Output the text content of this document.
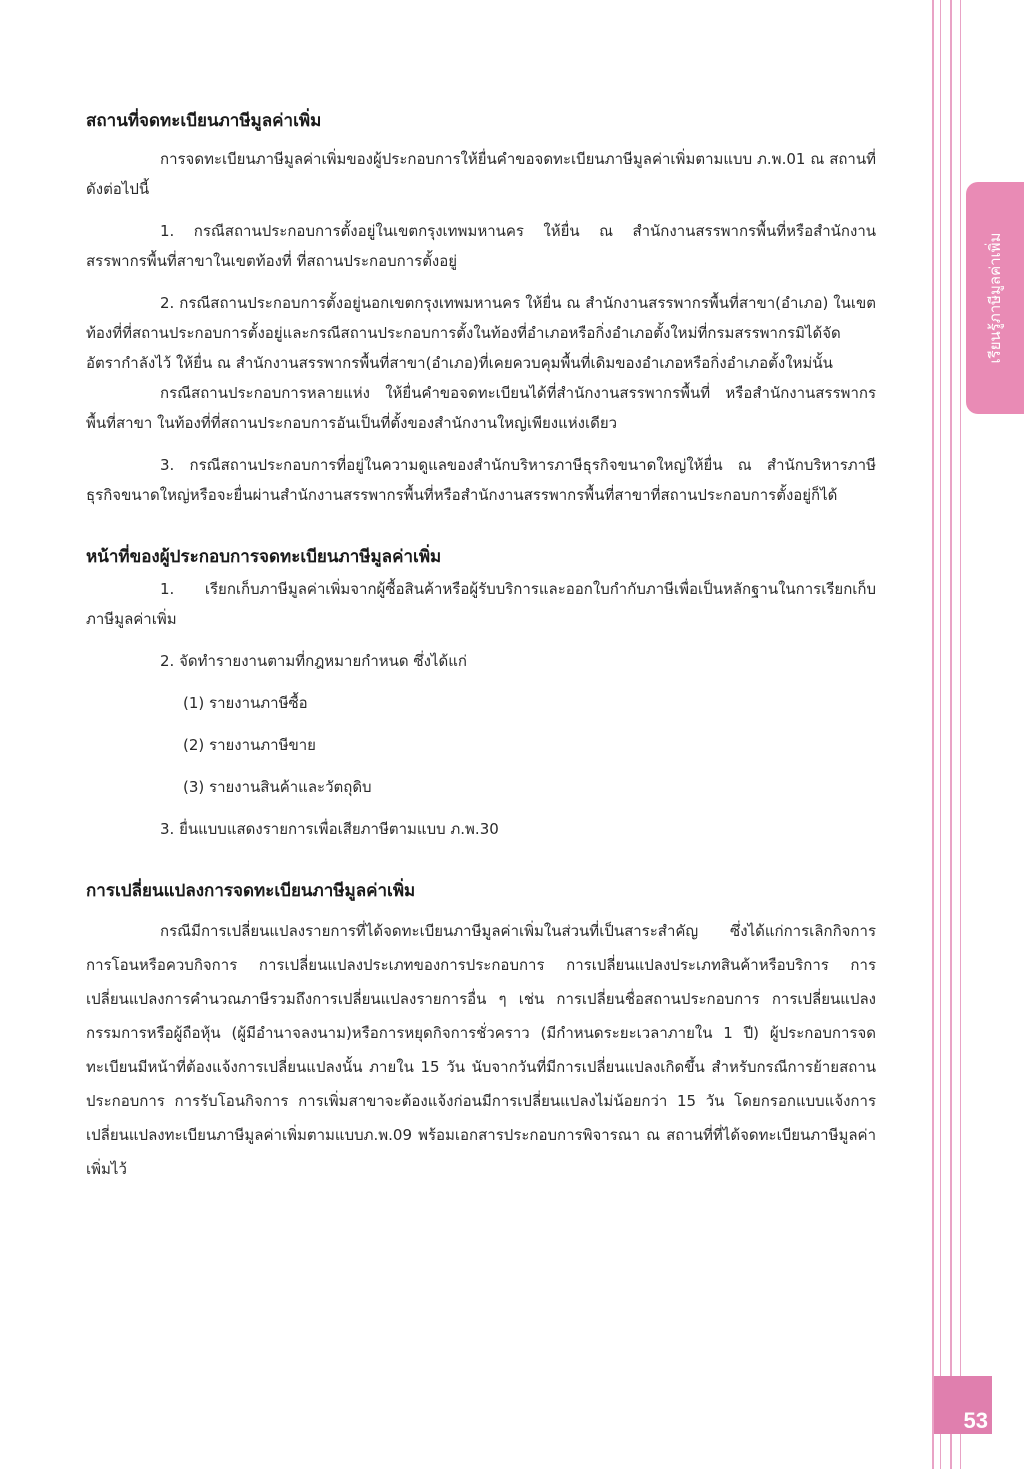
เรียนรู้ภาษีมูลค่าเพิ่ม
53
สถานที่จดทะเบียนภาษีมูลค่าเพิ่ม

การจดทะเบียนภาษีมูลค่าเพิ่มของผู้ประกอบการให้ยื่นคำขอจดทะเบียนภาษีมูลค่าเพิ่มตามแบบ ภ.พ.01 ณ สถานที่ดังต่อไปนี้

1. กรณีสถานประกอบการตั้งอยู่ในเขตกรุงเทพมหานคร ให้ยื่น ณ สำนักงานสรรพากรพื้นที่หรือสำนักงานสรรพากรพื้นที่สาขาในเขตท้องที่ ที่สถานประกอบการตั้งอยู่

2. กรณีสถานประกอบการตั้งอยู่นอกเขตกรุงเทพมหานคร ให้ยื่น ณ สำนักงานสรรพากรพื้นที่สาขา(อำเภอ) ในเขตท้องที่ที่สถานประกอบการตั้งอยู่และกรณีสถานประกอบการตั้งในท้องที่อำเภอหรือกิ่งอำเภอตั้งใหม่ที่กรมสรรพากรมิได้จัดอัตรากำลังไว้ ให้ยื่น ณ สำนักงานสรรพากรพื้นที่สาขา(อำเภอ)ที่เคยควบคุมพื้นที่เดิมของอำเภอหรือกิ่งอำเภอตั้งใหม่นั้น

กรณีสถานประกอบการหลายแห่ง ให้ยื่นคำขอจดทะเบียนได้ที่สำนักงานสรรพากรพื้นที่ หรือสำนักงานสรรพากรพื้นที่สาขา ในท้องที่ที่สถานประกอบการอันเป็นที่ตั้งของสำนักงานใหญ่เพียงแห่งเดียว

3. กรณีสถานประกอบการที่อยู่ในความดูแลของสำนักบริหารภาษีธุรกิจขนาดใหญ่ให้ยื่น ณ สำนักบริหารภาษีธุรกิจขนาดใหญ่หรือจะยื่นผ่านสำนักงานสรรพากรพื้นที่หรือสำนักงานสรรพากรพื้นที่สาขาที่สถานประกอบการตั้งอยู่ก็ได้

หน้าที่ของผู้ประกอบการจดทะเบียนภาษีมูลค่าเพิ่ม

1. เรียกเก็บภาษีมูลค่าเพิ่มจากผู้ซื้อสินค้าหรือผู้รับบริการและออกใบกำกับภาษีเพื่อเป็นหลักฐานในการเรียกเก็บภาษีมูลค่าเพิ่ม

2. จัดทำรายงานตามที่กฎหมายกำหนด ซึ่งได้แก่

(1) รายงานภาษีซื้อ

(2) รายงานภาษีขาย

(3) รายงานสินค้าและวัตถุดิบ

3. ยื่นแบบแสดงรายการเพื่อเสียภาษีตามแบบ ภ.พ.30

การเปลี่ยนแปลงการจดทะเบียนภาษีมูลค่าเพิ่ม

กรณีมีการเปลี่ยนแปลงรายการที่ได้จดทะเบียนภาษีมูลค่าเพิ่มในส่วนที่เป็นสาระสำคัญ ซึ่งได้แก่การเลิกกิจการ การโอนหรือควบกิจการ การเปลี่ยนแปลงประเภทของการประกอบการ การเปลี่ยนแปลงประเภทสินค้าหรือบริการ การเปลี่ยนแปลงการคำนวณภาษีรวมถึงการเปลี่ยนแปลงรายการอื่น ๆ เช่น การเปลี่ยนชื่อสถานประกอบการ การเปลี่ยนแปลงกรรมการหรือผู้ถือหุ้น (ผู้มีอำนาจลงนาม)หรือการหยุดกิจการชั่วคราว (มีกำหนดระยะเวลาภายใน 1 ปี) ผู้ประกอบการจดทะเบียนมีหน้าที่ต้องแจ้งการเปลี่ยนแปลงนั้น ภายใน 15 วัน นับจากวันที่มีการเปลี่ยนแปลงเกิดขึ้น สำหรับกรณีการย้ายสถานประกอบการ การรับโอนกิจการ การเพิ่มสาขาจะต้องแจ้งก่อนมีการเปลี่ยนแปลงไม่น้อยกว่า 15 วัน โดยกรอกแบบแจ้งการเปลี่ยนแปลงทะเบียนภาษีมูลค่าเพิ่มตามแบบภ.พ.09 พร้อมเอกสารประกอบการพิจารณา ณ สถานที่ที่ได้จดทะเบียนภาษีมูลค่าเพิ่มไว้
